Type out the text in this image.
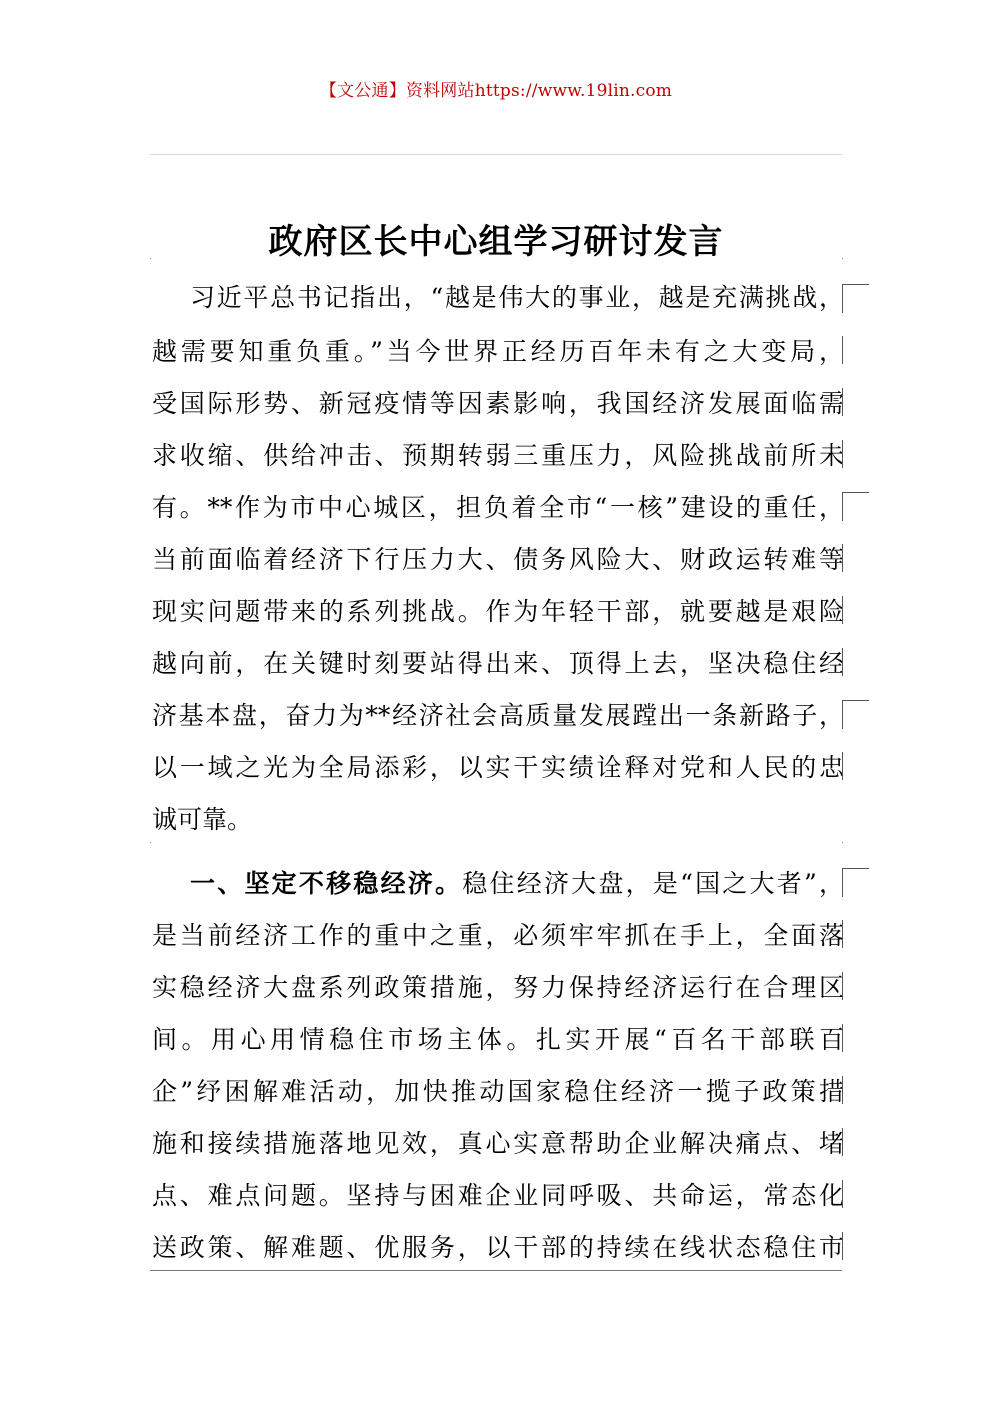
【文公通】资料网站https://www.19lin.com
政府区长中心组学习研讨发言
习近平总书记指出，“越是伟大的事业，越是充满挑战，
越需要知重负重。”当今世界正经历百年未有之大变局，
受国际形势、新冠疫情等因素影响，我国经济发展面临需
求收缩、供给冲击、预期转弱三重压力，风险挑战前所未
有。**作为市中心城区，担负着全市“一核”建设的重任，
当前面临着经济下行压力大、债务风险大、财政运转难等
现实问题带来的系列挑战。作为年轻干部，就要越是艰险
越向前，在关键时刻要站得出来、顶得上去，坚决稳住经
济基本盘，奋力为**经济社会高质量发展蹚出一条新路子，
以一域之光为全局添彩，以实干实绩诠释对党和人民的忠
诚可靠。
一、坚定不移稳经济。稳住经济大盘，是“国之大者”，
是当前经济工作的重中之重，必须牢牢抓在手上，全面落
实稳经济大盘系列政策措施，努力保持经济运行在合理区
间。用心用情稳住市场主体。扎实开展“百名干部联百
企”纾困解难活动，加快推动国家稳住经济一揽子政策措
施和接续措施落地见效，真心实意帮助企业解决痛点、堵
点、难点问题。坚持与困难企业同呼吸、共命运，常态化
送政策、解难题、优服务，以干部的持续在线状态稳住市
